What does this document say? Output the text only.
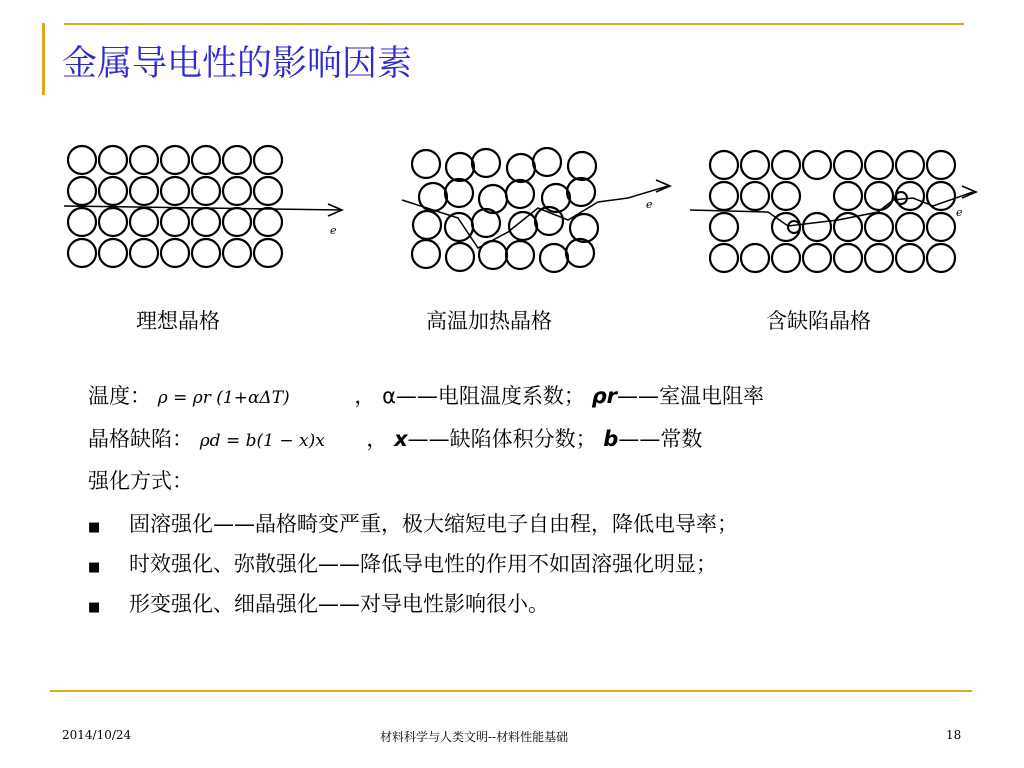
金属导电性的影响因素
e
e
e
理想晶格	高温加热晶格	含缺陷晶格
温度： ρ = ρr (1+αΔT)	， α——电阻温度系数； ρr——室温电阻率
晶格缺陷： ρd = b(1 − x)x ， x——缺陷体积分数； b——常数
强化方式：
■ 固溶强化——晶格畸变严重，极大缩短电子自由程，降低电导率；
■ 时效强化、弥散强化——降低导电性的作用不如固溶强化明显；
■ 形变强化、细晶强化——对导电性影响很小。
2014/10/24	材料科学与人类文明--材料性能基础	18
